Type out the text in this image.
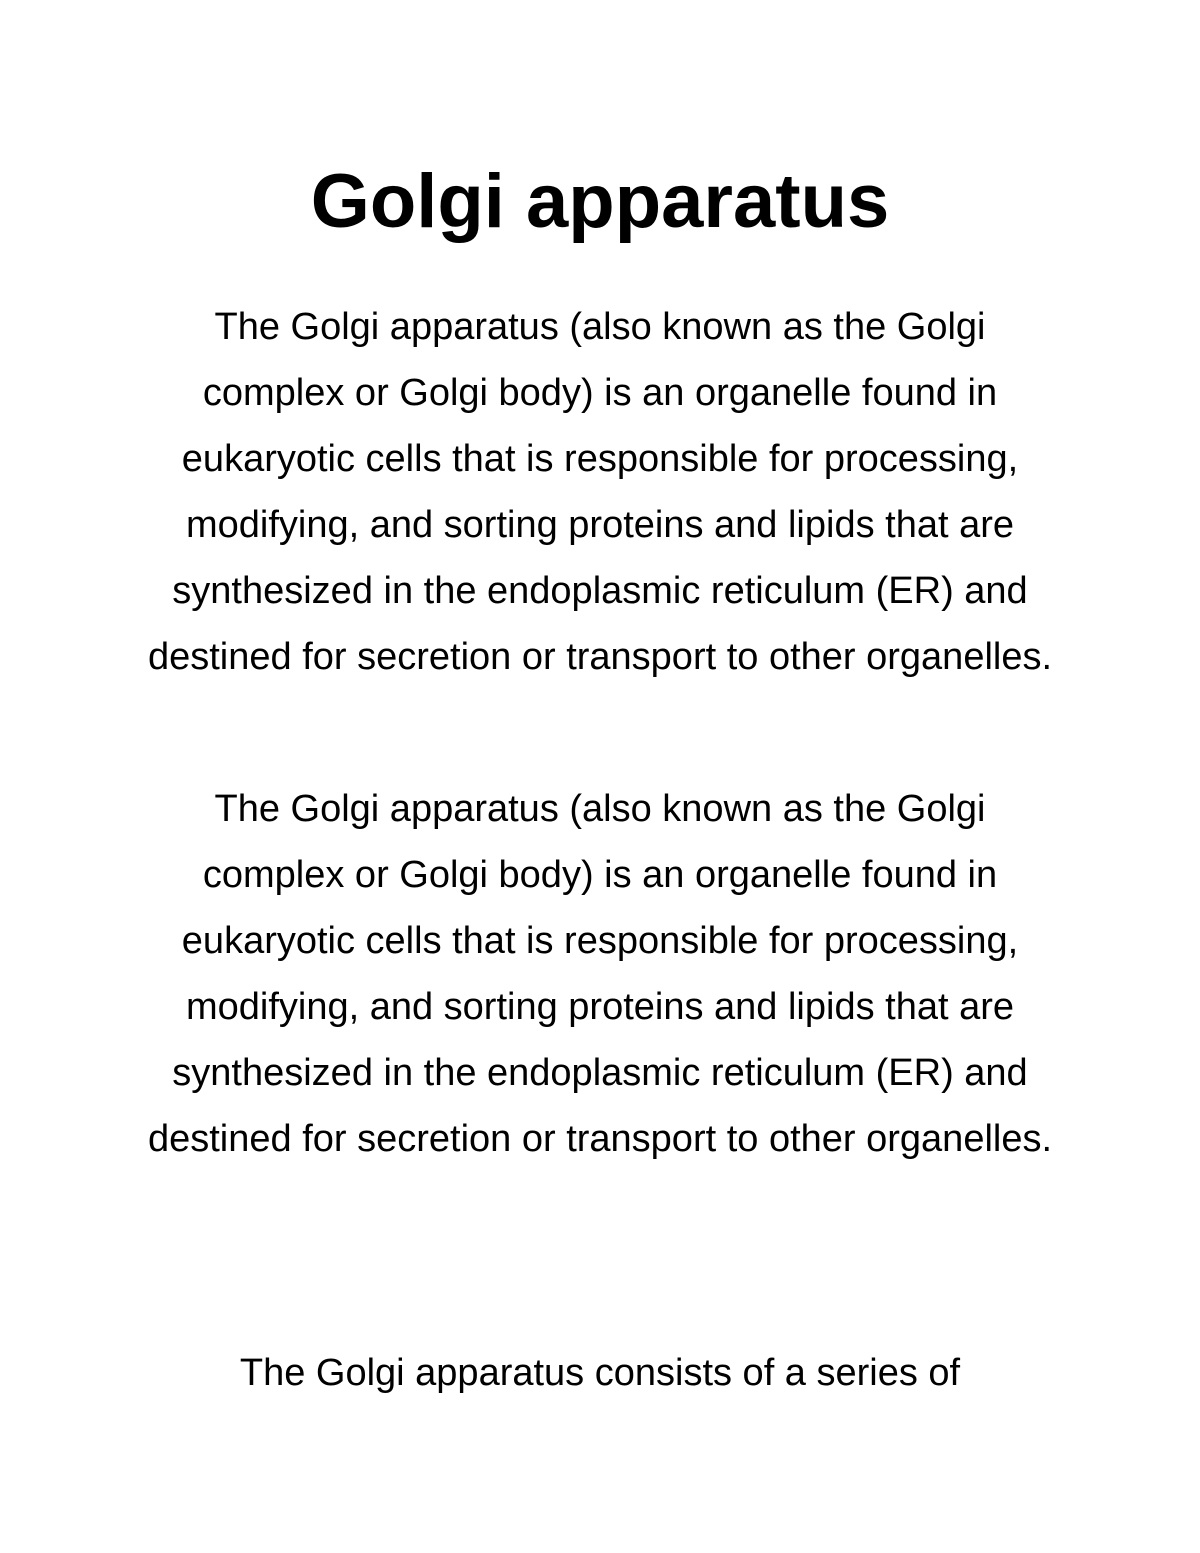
Golgi apparatus

The Golgi apparatus (also known as the Golgi complex or Golgi body) is an organelle found in eukaryotic cells that is responsible for processing, modifying, and sorting proteins and lipids that are synthesized in the endoplasmic reticulum (ER) and destined for secretion or transport to other organelles.

The Golgi apparatus (also known as the Golgi complex or Golgi body) is an organelle found in eukaryotic cells that is responsible for processing, modifying, and sorting proteins and lipids that are synthesized in the endoplasmic reticulum (ER) and destined for secretion or transport to other organelles.

The Golgi apparatus consists of a series of
